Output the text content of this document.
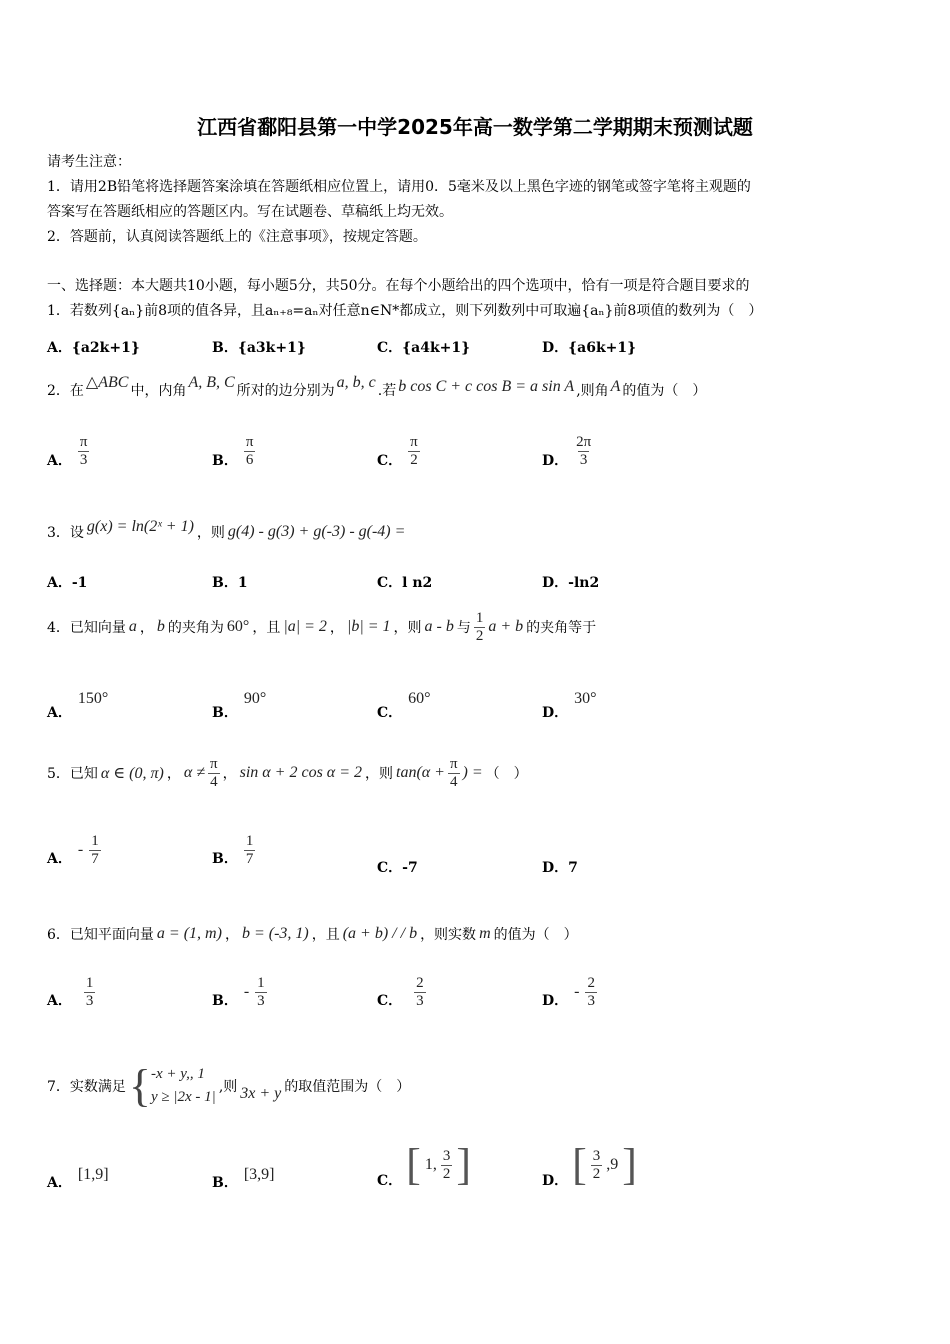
江西省鄱阳县第一中学2025年高一数学第二学期期末预测试题
请考生注意：
1．请用2B铅笔将选择题答案涂填在答题纸相应位置上，请用0．5毫米及以上黑色字迹的钢笔或签字笔将主观题的
答案写在答题纸相应的答题区内。写在试题卷、草稿纸上均无效。
2．答题前，认真阅读答题纸上的《注意事项》，按规定答题。
一、选择题：本大题共10小题，每小题5分，共50分。在每个小题给出的四个选项中，恰有一项是符合题目要求的
1．若数列{aₙ}前8项的值各异，且aₙ₊₈=aₙ对任意n∈N*都成立，则下列数列中可取遍{aₙ}前8项值的数列为（　）
A．{a2k+1}	B．{a3k+1}	C．{a4k+1}	D．{a6k+1}
2．在 △ABC 中，内角 A, B, C 所对的边分别为 a, b, c .若 b cos C + c cos B = a sin A ,则角 A 的值为（　）
A． $\frac{\pi}{3}$	B． $\frac{\pi}{6}$	C． $\frac{\pi}{2}$	D． $\frac{2\pi}{3}$
3．设 g(x) = ln(2ˣ + 1) ，则 g(4) - g(3) + g(-3) - g(-4) =
A．-1	B．1	C．l n2	D．-ln2
4．已知向量 a ， b 的夹角为 60° ，且 |a| = 2 ， |b| = 1 ，则 a - b 与 $\frac{1}{2}$ a + b 的夹角等于
A．
150°
B．
90°
C．
60°
D．
30°
5．已知 α ∈ (0, π) ， $\alpha \ne \frac{\pi}{4}$ ， sin α + 2 cos α = 2 ，则 $\tan(\alpha + \frac{\pi}{4}$ ) = （　）
A．
- $\frac{1}{7}$	B． $\frac{1}{7}$
C．-7	D．7
6．已知平面向量 a = (1, m) ， b = (-3, 1) ，且 (a + b) / / b ，则实数 m 的值为（　）
A． $\frac{1}{3}$	B．
- $\frac{1}{3}$	C． $\frac{2}{3}$	D．
- $\frac{2}{3}$
7．实数满足 { -x + y,, 1
y ≥ |2x - 1|
,则 3x + y 的取值范围为（　）
A． [1,9]	B． [3,9]	C． [ 1, $\frac{3}{2}$ ]	D． [ $\frac{3}{2} ,9$ ]
